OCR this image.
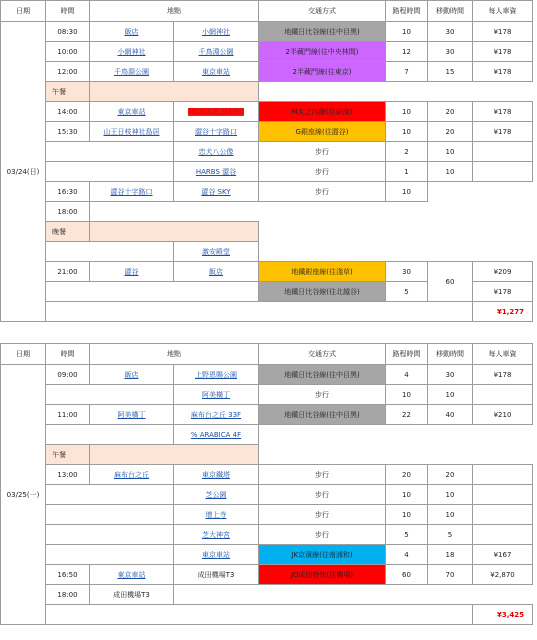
日期	時間	地點		交通方式	路程時間	移動時間	每人車資
03/24(日)	08:30	飯店	小網神社	地鐵日比谷線(往中目黑)	10	30	¥178
	10:00	小網神社	千鳥淵公園	2半藏門線(往中央林間)	12	30	¥178
	12:00	千鳥淵公園	東京車站	2半藏門線(往東京)	7	15	¥178
	午餐						
	14:00	東京車站	山王日枝神社島居	M丸之內線(往荻窪)	10	20	¥178
	15:30	山王日枝神社島居	澀谷十字路口	G銀座線(往澀谷)	10	20	¥178
			忠犬八公像	步行	2	10	
			HARBS 澀谷	步行	1	10	
	16:30	澀谷十字路口	澀谷 SKY	步行	10		
	18:00						
	晚餐						
			激安殿堂				
	21:00	澀谷	飯店	地鐵銀座線(往淺草)	30	60	¥209
				地鐵日比谷線(往北越谷)	5		¥178
							¥1,277

日期	時間	地點		交通方式	路程時間	移動時間	每人車資
03/25(一)	09:00	飯店	上野恩賜公園	地鐵日比谷線(往中目黑)	4	30	¥178
			阿美橫丁	步行	10	10	
	11:00	阿美橫丁	麻布台之丘 33F	地鐵日比谷線(往中目黑)	22	40	¥210
			% ARABICA 4F				
	午餐						
	13:00	麻布台之丘	東京鐵塔	步行	20	20	
			芝公園	步行	10	10	
			增上寺	步行	10	10	
			芝大神宮	步行	5	5	
			東京車站	JK京濱線(往南浦和)	4	18	¥167
	16:50	東京車站	成田機場T3	JO成田特快(往機場)	60	70	¥2,870
	18:00	成田機場T3					
							¥3,425
